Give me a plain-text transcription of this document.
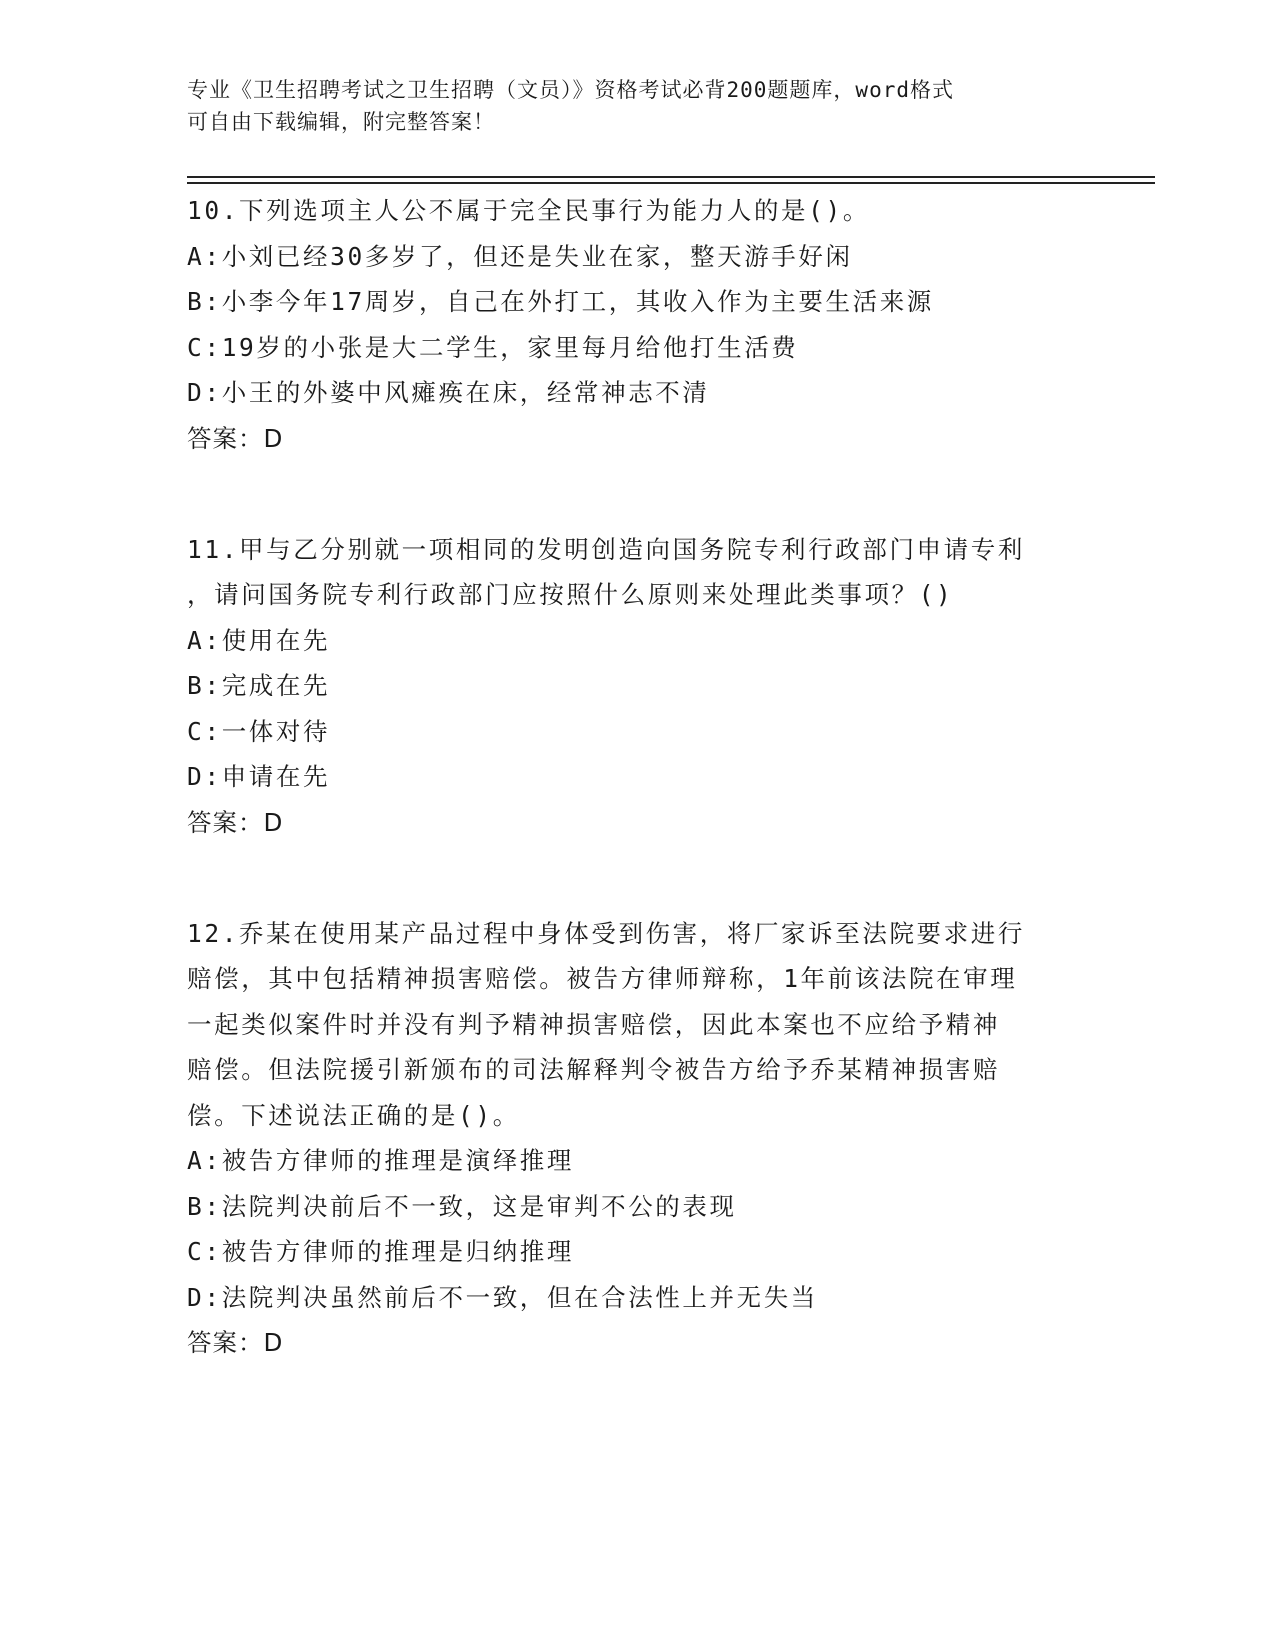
专业《卫生招聘考试之卫生招聘（文员）》资格考试必背200题题库，word格式
可自由下载编辑，附完整答案！
10.下列选项主人公不属于完全民事行为能力人的是()。
A:小刘已经30多岁了，但还是失业在家，整天游手好闲
B:小李今年17周岁，自己在外打工，其收入作为主要生活来源
C:19岁的小张是大二学生，家里每月给他打生活费
D:小王的外婆中风瘫痪在床，经常神志不清
答案：D
11.甲与乙分别就一项相同的发明创造向国务院专利行政部门申请专利
，请问国务院专利行政部门应按照什么原则来处理此类事项？()
A:使用在先
B:完成在先
C:一体对待
D:申请在先
答案：D
12.乔某在使用某产品过程中身体受到伤害，将厂家诉至法院要求进行
赔偿，其中包括精神损害赔偿。被告方律师辩称，1年前该法院在审理
一起类似案件时并没有判予精神损害赔偿，因此本案也不应给予精神
赔偿。但法院援引新颁布的司法解释判令被告方给予乔某精神损害赔
偿。下述说法正确的是()。
A:被告方律师的推理是演绎推理
B:法院判决前后不一致，这是审判不公的表现
C:被告方律师的推理是归纳推理
D:法院判决虽然前后不一致，但在合法性上并无失当
答案：D
